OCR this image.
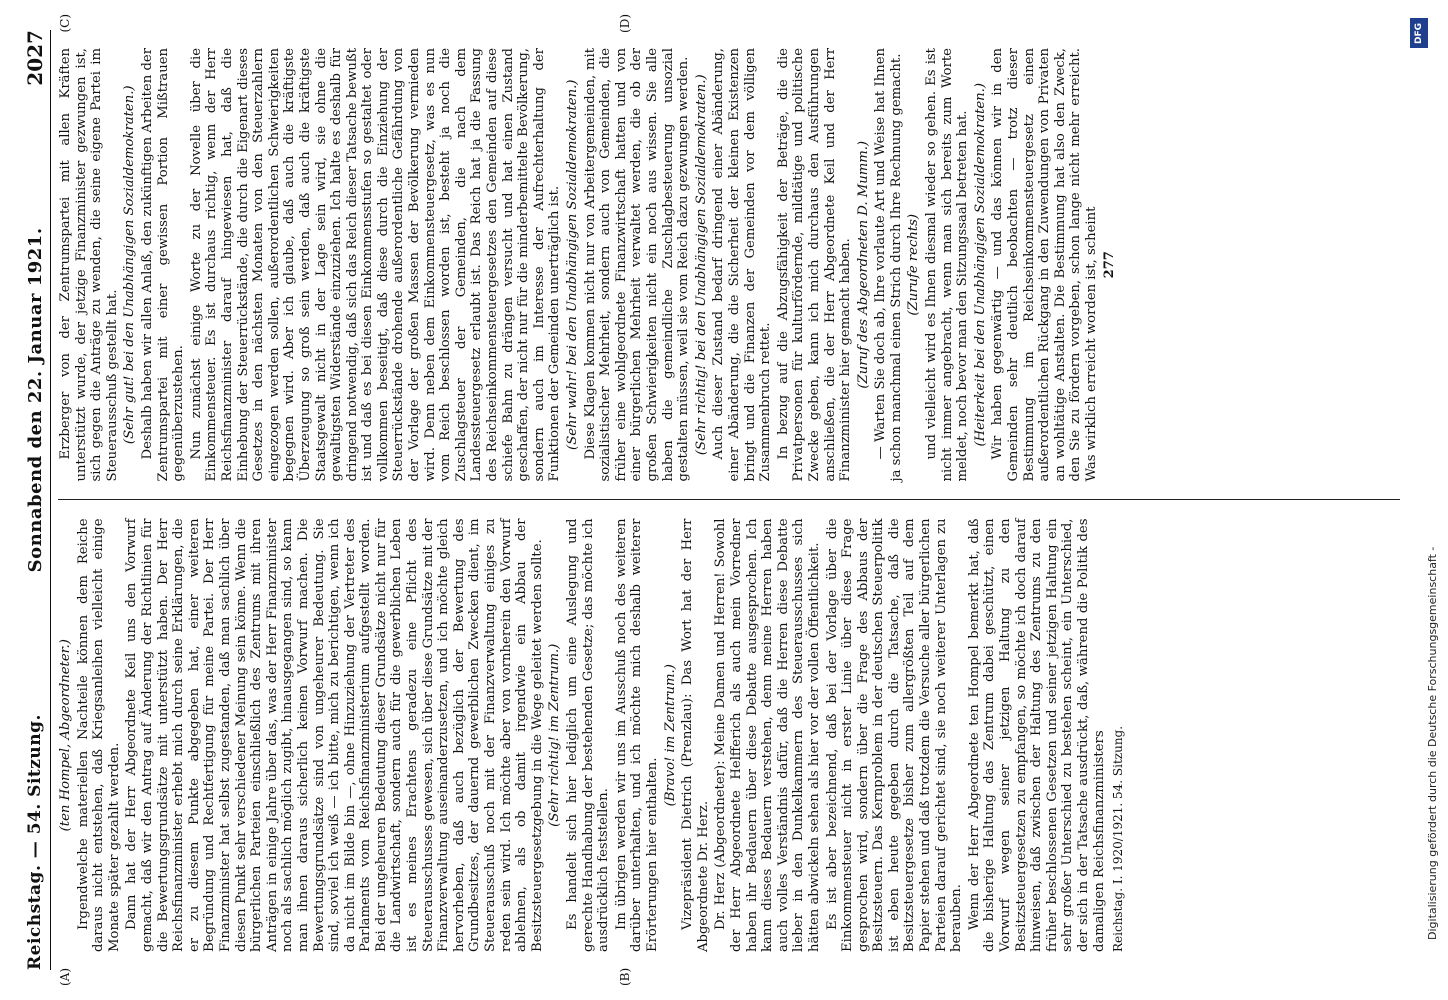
Reichstag. — 54. Sitzung.
Sonnabend den 22. Januar 1921.
2027
(A)	(B)

(ten Hompel, Abgeordneter.) Irgendwelche materiellen Nachteile können dem Reiche daraus nicht entstehen, daß Kriegsanleihen vielleicht einige Monate später gezahlt werden. Dann hat der Herr Abgeordnete Keil uns den Vorwurf gemacht, daß wir den Antrag auf Änderung der Richtlinien für die Bewertungsgrundsätze mit unterstützt haben. Der Herr Reichsfinanzminister erhebt mich durch seine Erklärungen, die er zu diesem Punkte abgegeben hat, einer weiteren Begründung und Rechtfertigung für meine Partei. Der Herr Finanzminister hat selbst zugestanden, daß man sachlich über diesen Punkt sehr verschiedener Meinung sein könne. Wenn die bürgerlichen Parteien einschließlich des Zentrums mit ihren Anträgen in einige Jahre über das, was der Herr Finanzminister noch als sachlich möglich zugibt, hinausgegangen sind, so kann man ihnen daraus sicherlich keinen Vorwurf machen. Die Bewertungsgrundsätze sind von ungeheurer Bedeutung. Sie sind, soviel ich weiß — ich bitte, mich zu berichtigen, wenn ich da nicht im Bilde bin —, ohne Hinzuziehung der Vertreter des Parlaments vom Reichsfinanzministerium aufgestellt worden. Bei der ungeheuren Bedeutung dieser Grundsätze nicht nur für die Landwirtschaft, sondern auch für die gewerblichen Leben ist es meines Erachtens geradezu eine Pflicht des Steuerausschusses gewesen, sich über diese Grundsätze mit der Finanzverwaltung auseinanderzusetzen, und ich möchte gleich hervorheben, daß auch bezüglich der Bewertung des Grundbesitzes, der dauernd gewerblichen Zwecken dient, im Steuerausschuß noch mit der Finanzverwaltung einiges zu reden sein wird. Ich möchte aber von vornherein den Vorwurf ablehnen, als ob damit irgendwie ein Abbau der Besitzsteuergesetzgebung in die Wege geleitet werden sollte. (Sehr richtig! im Zentrum.) Es handelt sich hier lediglich um eine Auslegung und gerechte Handhabung der bestehenden Gesetze; das möchte ich ausdrücklich feststellen. Im übrigen werden wir uns im Ausschuß noch des weiteren darüber unterhalten, und ich möchte mich deshalb weiterer Erörterungen hier enthalten.

(Bravo! im Zentrum.) Vizepräsident Dietrich (Prenzlau): Das Wort hat der Herr Abgeordnete Dr. Herz. Dr. Herz (Abgeordneter): Meine Damen und Herren! Sowohl der Herr Abgeordnete Helfferich als auch mein Vorredner haben ihr Bedauern über diese Debatte ausgesprochen. Ich kann dieses Bedauern verstehen, denn meine Herren haben auch volles Verständnis dafür, daß die Herren diese Debatte lieber in den Dunkelkammern des Steuerausschusses sich hätten abwickeln sehen als hier vor der vollen Öffentlichkeit. Es ist aber bezeichnend, daß bei der Vorlage über die Einkommensteuer nicht in erster Linie über diese Frage gesprochen wird, sondern über die Frage des Abbaus der Besitzsteuern. Das Kernproblem in der deutschen Steuerpolitik ist eben heute gegeben durch die Tatsache, daß die Besitzsteuergesetze bisher zum allergrößten Teil auf dem Papier stehen und daß trotzdem die Versuche aller bürgerlichen Parteien darauf gerichtet sind, sie noch weiterer Unterlagen zu berauben. Wenn der Herr Abgeordnete ten Hompel bemerkt hat, daß die bisherige Haltung das Zentrum dabei geschützt, einen Vorwurf wegen seiner jetzigen Haltung zu den Besitzsteuergesetzen zu empfangen, so möchte ich doch darauf hinweisen, daß zwischen der Haltung des Zentrums zu den früher beschlossenen Gesetzen und seiner jetzigen Haltung ein sehr großer Unterschied zu bestehen scheint, ein Unterschied, der sich in der Tatsache ausdrückt, daß, während die Politik des damaligen Reichsfinanzministers Reichstag. I. 1920/1921. 54. Sitzung.
(C)	(D)

Erzberger von der Zentrumspartei mit allen Kräften unterstützt wurde, der jetzige Finanzminister gezwungen ist, sich gegen die Anträge zu wenden, die seine eigene Partei im Steuerausschuß gestellt hat. (Sehr gut! bei den Unabhängigen Sozialdemokraten.) Deshalb haben wir allen Anlaß, den zukünftigen Arbeiten der Zentrumspartei mit einer gewissen Portion Mißtrauen gegenüberzustehen. Nun zunächst einige Worte zu der Novelle über die Einkommensteuer. Es ist durchaus richtig, wenn der Herr Reichsfinanzminister darauf hingewiesen hat, daß die Einhebung der Steuerrückstände, die durch die Eigenart dieses Gesetzes in den nächsten Monaten von den Steuerzahlern eingezogen werden sollen, außerordentlichen Schwierigkeiten begegnen wird. Aber ich glaube, daß auch die kräftigste Überzeugung so groß sein werden, daß auch die kräftigste Staatsgewalt nicht in der Lage sein wird, sie ohne die gewaltigsten Widerstände einzuziehen. Ich halte es deshalb für dringend notwendig, daß sich das Reich dieser Tatsache bewußt ist und daß es bei diesen Einkommensstufen so gestaltet oder vollkommen beseitigt, daß diese durch die Einziehung der Steuerrückstände drohende außerordentliche Gefährdung von der Vorlage der großen Massen der Bevölkerung vermieden wird. Denn neben dem Einkommensteuergesetz, was es nun vom Reich beschlossen worden ist, besteht ja noch die Zuschlagsteuer der Gemeinden, die nach dem Landessteuergesetz erlaubt ist. Das Reich hat ja die Fassung des Reichseinkommensteuergesetzes den Gemeinden auf diese schiefe Bahn zu drängen versucht und hat einen Zustand geschaffen, der nicht nur für die minderbemittelte Bevölkerung, sondern auch im Interesse der Aufrechterhaltung der Funktionen der Gemeinden unerträglich ist. (Sehr wahr! bei den Unabhängigen Sozialdemokraten.) Diese Klagen kommen nicht nur von Arbeitergemeinden, mit sozialistischer Mehrheit, sondern auch von Gemeinden, die früher eine wohlgeordnete Finanzwirtschaft hatten und von einer bürgerlichen Mehrheit verwaltet werden, die ob der großen Schwierigkeiten nicht ein noch aus wissen. Sie alle haben die gemeindliche Zuschlagbesteuerung unsozial gestalten müssen, weil sie vom Reich dazu gezwungen werden. (Sehr richtig! bei den Unabhängigen Sozialdemokraten.) Auch dieser Zustand bedarf dringend einer Abänderung, einer Abänderung, die die Sicherheit der kleinen Existenzen bringt und die Finanzen der Gemeinden vor dem völligen Zusammenbruch rettet. In bezug auf die Abzugsfähigkeit der Beträge, die die Privatpersonen für kulturfördernde, mildtätige und politische Zwecke geben, kann ich mich durchaus den Ausführungen anschließen, die der Herr Abgeordnete Keil und der Herr Finanzminister hier gemacht haben. (Zuruf des Abgeordneten D. Mumm.) — Warten Sie doch ab, Ihre vorlaute Art und Weise hat Ihnen ja schon manchmal einen Strich durch Ihre Rechnung gemacht. (Zurufe rechts) und vielleicht wird es Ihnen diesmal wieder so gehen. Es ist nicht immer angebracht, wenn man sich bereits zum Worte meldet, noch bevor man den Sitzungssaal betreten hat. (Heiterkeit bei den Unabhängigen Sozialdemokraten.) Wir haben gegenwärtig — und das können wir in den Gemeinden sehr deutlich beobachten — trotz dieser Bestimmung im Reichseinkommensteuergesetz einen außerordentlichen Rückgang in den Zuwendungen von Privaten an wohltätige Anstalten. Die Bestimmung hat also den Zweck, den Sie zu fördern vorgeben, schon lange nicht mehr erreicht. Was wirklich erreicht worden ist, scheint 277
Digitalisierung gefördert durch die Deutsche Forschungsgemeinschaft -
DFG
